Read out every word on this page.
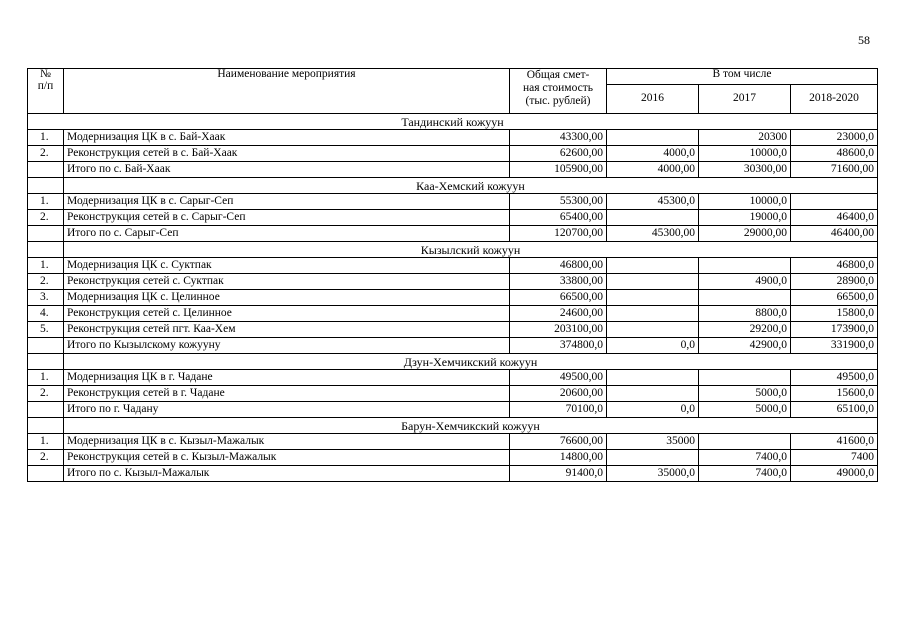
58
№
п/п	Наименование мероприятия	Общая смет-
ная стоимость
(тыс. рублей)	В том числе		
			2016	2017	2018-2020
Тандинский кожуун					
1.	Модернизация ЦК в с. Бай-Хаак	43300,00		20300	23000,0
2.	Реконструкция сетей в с. Бай-Хаак	62600,00	4000,0	10000,0	48600,0
	Итого по с. Бай-Хаак	105900,00	4000,00	30300,00	71600,00
	Каа-Хемский кожуун				
1.	Модернизация ЦК в с. Сарыг-Сеп	55300,00	45300,0	10000,0	
2.	Реконструкция сетей в с. Сарыг-Сеп	65400,00		19000,0	46400,0
	Итого по с. Сарыг-Сеп	120700,00	45300,00	29000,00	46400,00
	Кызылский кожуун				
1.	Модернизация ЦК с. Суктпак	46800,00			46800,0
2.	Реконструкция сетей с. Суктпак	33800,00		4900,0	28900,0
3.	Модернизация ЦК с. Целинное	66500,00			66500,0
4.	Реконструкция сетей с. Целинное	24600,00		8800,0	15800,0
5.	Реконструкция сетей пгт. Каа-Хем	203100,00		29200,0	173900,0
	Итого по Кызылскому кожууну	374800,0	0,0	42900,0	331900,0
	Дзун-Хемчикский кожуун				
1.	Модернизация ЦК в г. Чадане	49500,00			49500,0
2.	Реконструкция сетей в г. Чадане	20600,00		5000,0	15600,0
	Итого по г. Чадану	70100,0	0,0	5000,0	65100,0
	Барун-Хемчикский кожуун				
1.	Модернизация ЦК в с. Кызыл-Мажалык	76600,00	35000		41600,0
2.	Реконструкция сетей в с. Кызыл-Мажалык	14800,00		7400,0	7400
	Итого по с. Кызыл-Мажалык	91400,0	35000,0	7400,0	49000,0
